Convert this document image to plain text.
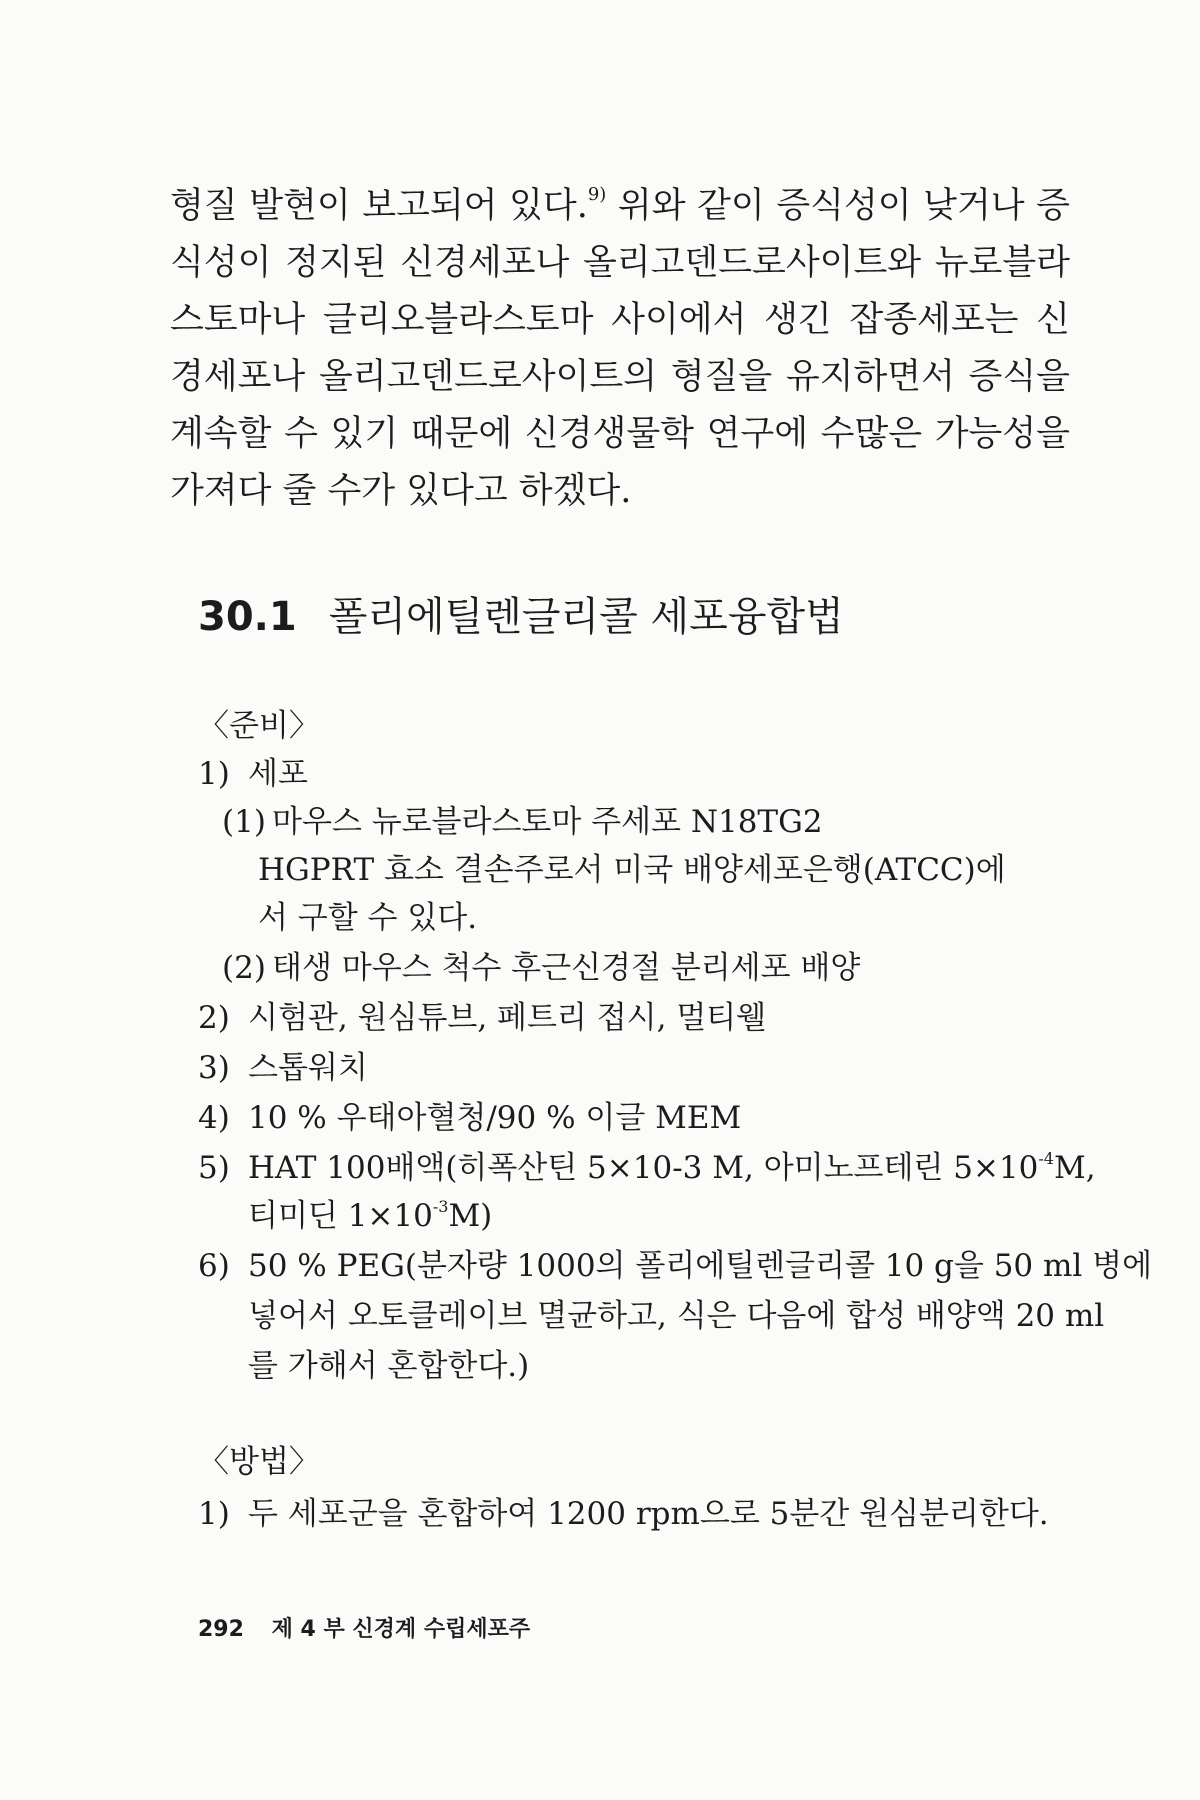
형질 발현이 보고되어 있다.$^{9)}$ 위와 같이 증식성이 낮거나 증식성이 정지된 신경세포나 올리고덴드로사이트와 뉴로블라스토마나 글리오블라스토마 사이에서 생긴 잡종세포는 신경세포나 올리고덴드로사이트의 형질을 유지하면서 증식을 계속할 수 있기 때문에 신경생물학 연구에 수많은 가능성을 가져다 줄 수가 있다고 하겠다.

30.1 폴리에틸렌글리콜 세포융합법

〈준비〉

1) 세포

(1) 마우스 뉴로블라스토마 주세포 N18TG2

HGPRT 효소 결손주로서 미국 배양세포은행(ATCC)에

서 구할 수 있다.

(2) 태생 마우스 척수 후근신경절 분리세포 배양

2) 시험관, 원심튜브, 페트리 접시, 멀티웰

3) 스톱워치

4) 10 % 우태아혈청/90 % 이글 MEM

5) HAT 100배액(히폭산틴 5×10-3 M, 아미노프테린 $5\times 10^{-4}M$,

티미딘 $1\times 10^{-3}M$)

6) 50 % PEG(분자량 1000의 폴리에틸렌글리콜 10 g을 50 ml 병에

넣어서 오토클레이브 멸균하고, 식은 다음에 합성 배양액 20 ml

를 가해서 혼합한다.)

〈방법〉

1) 두 세포군을 혼합하여 1200 rpm으로 5분간 원심분리한다.

292 제 4 부 신경계 수립세포주
